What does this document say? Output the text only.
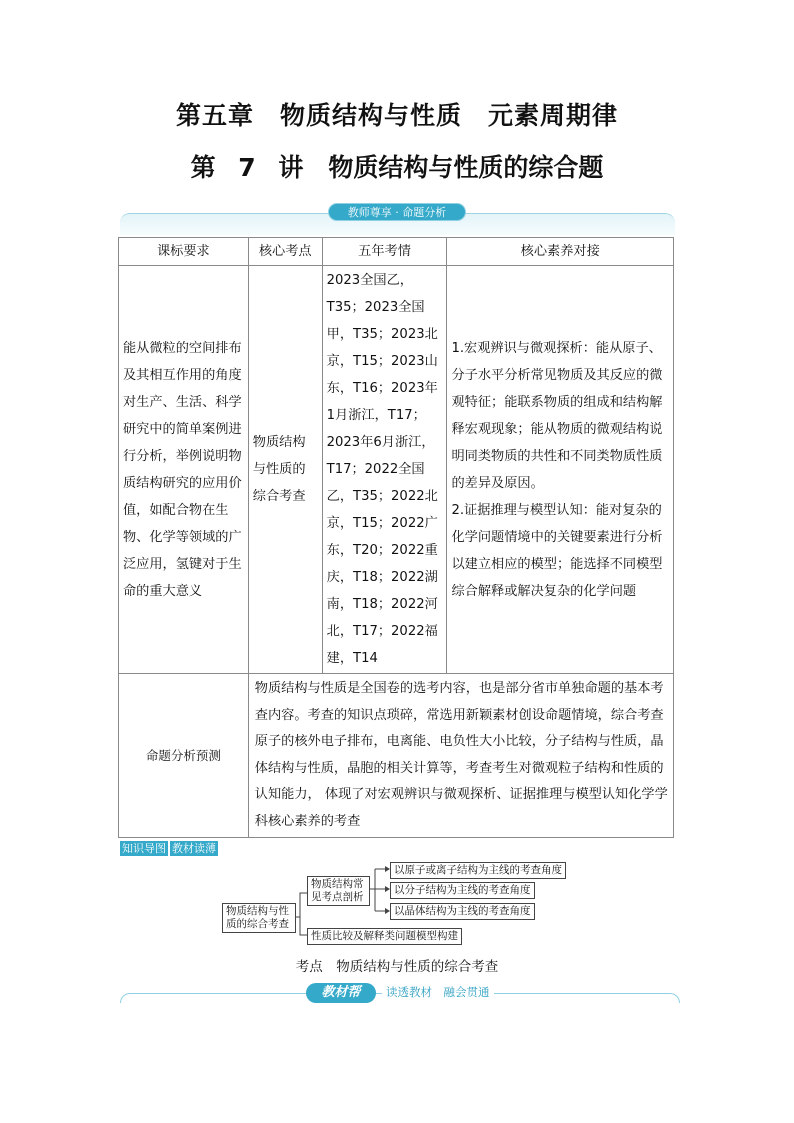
第五章　物质结构与性质　元素周期律
第 7 讲　物质结构与性质的综合题
教师尊享 · 命题分析
课标要求	核心考点	五年考情	核心素养对接

能从微粒的空间排布及其相互作用的角度对生产、生活、科学研究中的简单案例进行分析，举例说明物质结构研究的应用价值，如配合物在生物、化学等领域的广泛应用，氢键对于生命的重大意义	物质结构与性质的综合考查	2023全国乙，T35；2023全国甲，T35；2023北京，T15；2023山东，T16；2023年1月浙江，T17；2023年6月浙江，T17；2022全国乙，T35；2022北京，T15；2022广东，T20；2022重庆，T18；2022湖南，T18；2022河北，T17；2022福建，T14	1.宏观辨识与微观探析：能从原子、分子水平分析常见物质及其反应的微观特征；能联系物质的组成和结构解释宏观现象；能从物质的微观结构说明同类物质的共性和不同类物质性质的差异及原因。
2.证据推理与模型认知：能对复杂的化学问题情境中的关键要素进行分析以建立相应的模型；能选择不同模型综合解释或解决复杂的化学问题

命题分析预测	物质结构与性质是全国卷的选考内容，也是部分省市单独命题的基本考查内容。考查的知识点琐碎，常选用新颖素材创设命题情境，综合考查原子的核外电子排布，电离能、电负性大小比较，分子结构与性质，晶体结构与性质，晶胞的相关计算等，考查考生对微观粒子结构和性质的认知能力， 体现了对宏观辨识与微观探析、证据推理与模型认知化学学科核心素养的考查		
知识导图 教材读薄
物质结构与性质的综合考查
物质结构常见考点剖析
以原子或离子结构为主线的考查角度
以分子结构为主线的考查角度
以晶体结构为主线的考查角度
性质比较及解释类问题模型构建
考点　物质结构与性质的综合考查
教材帮	读透教材　融会贯通
